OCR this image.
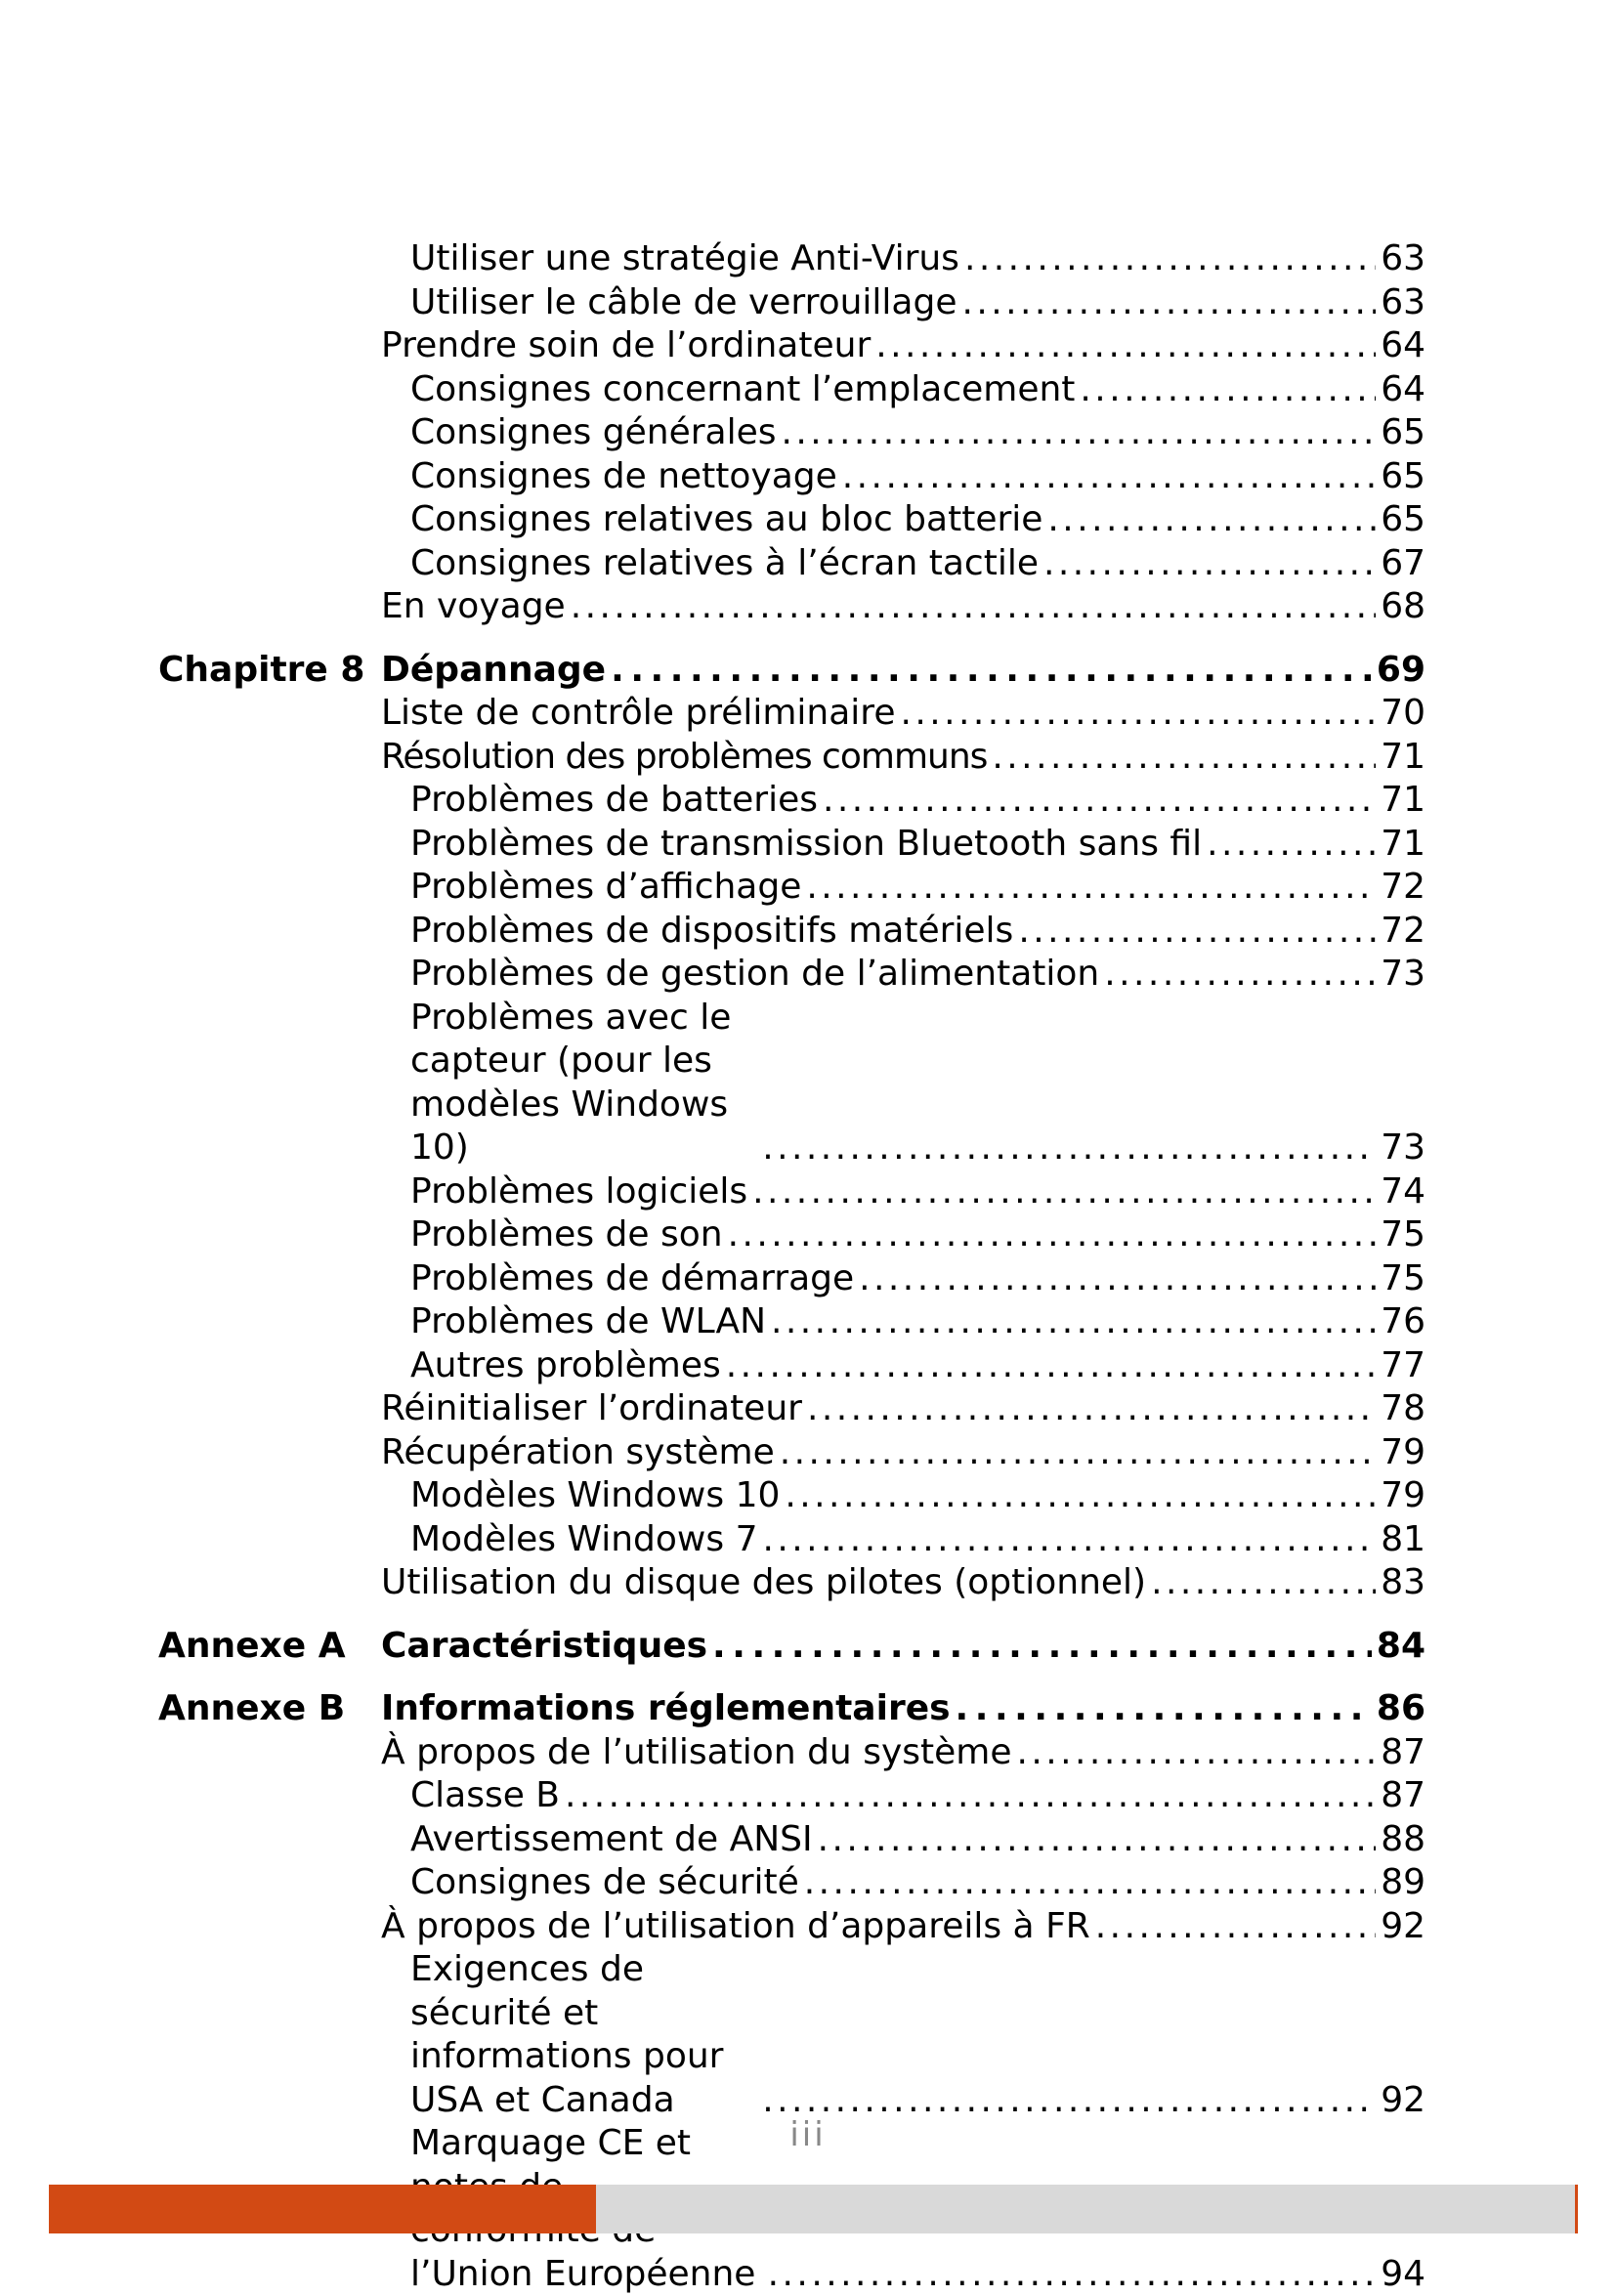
Utiliser une stratégie Anti-Virus . . .	63
Utiliser le câble de verrouillage . . .	63
Prendre soin de l’ordinateur . . .	64
Consignes concernant l’emplacement . . .	64
Consignes générales . . .	65
Consignes de nettoyage . . .	65
Consignes relatives au bloc batterie . . .	65
Consignes relatives à l’écran tactile . . .	67
En voyage . . .	68
Chapitre 8 Dépannage . . .	69
Liste de contrôle préliminaire . . .	70
Résolution des problèmes communs . . .	71
Problèmes de batteries . . .	71
Problèmes de transmission Bluetooth sans fil . . .	71
Problèmes d’affichage . . .	72
Problèmes de dispositifs matériels . . .	72
Problèmes de gestion de l’alimentation . . .	73
Problèmes avec le capteur (pour les modèles Windows 10) . . .	73
Problèmes logiciels . . .	74
Problèmes de son . . .	75
Problèmes de démarrage . . .	75
Problèmes de WLAN . . .	76
Autres problèmes . . .	77
Réinitialiser l’ordinateur . . .	78
Récupération système . . .	79
Modèles Windows 10 . . .	79
Modèles Windows 7 . . .	81
Utilisation du disque des pilotes (optionnel) . . .	83
Annexe A	Caractéristiques . . .	84
Annexe B	Informations réglementaires . . .	86
À propos de l’utilisation du système . . .	87
Classe B . . .	87
Avertissement de ANSI . . .	88
Consignes de sécurité . . .	89
À propos de l’utilisation d’appareils à FR . . .	92
Exigences de sécurité et informations pour USA et Canada . . .	92
Marquage CE et l’Union Européenne . . .	94
iii
